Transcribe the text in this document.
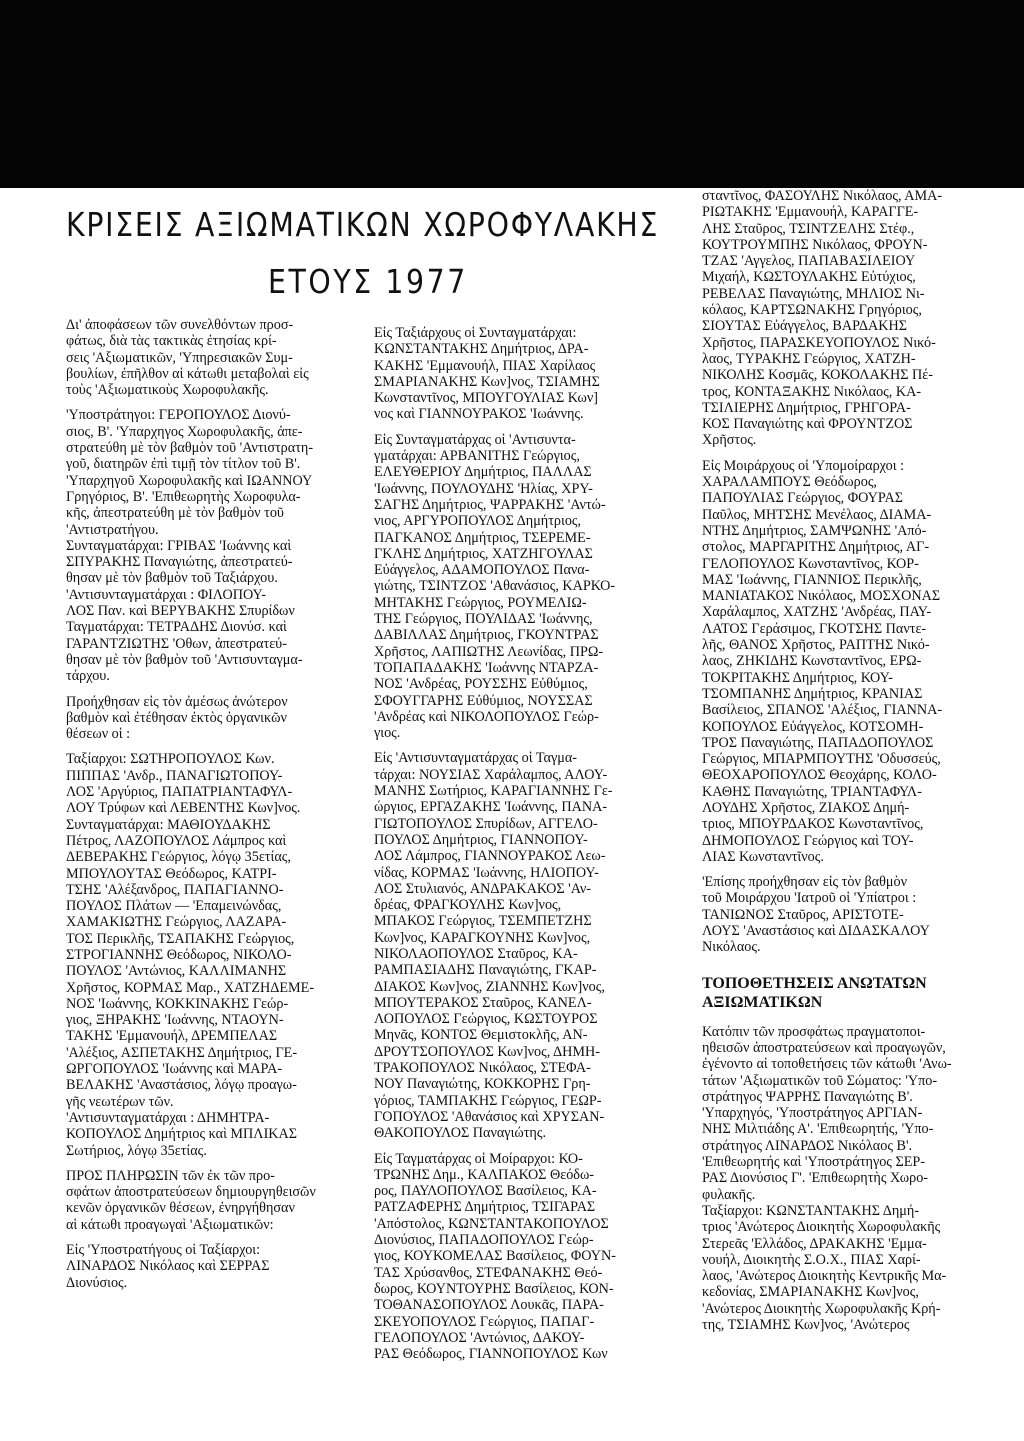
ΚΡΙΣΕΙΣ ΑΞΙΩΜΑΤΙΚΩΝ ΧΩΡΟΦΥΛΑΚΗΣ
ΕΤΟΥΣ 1977

Δι' ἀποφάσεων τῶν συνελθόντων προσ-
φάτως, διὰ τὰς τακτικὰς ἐτησίας κρί-
σεις 'Αξιωματικῶν, 'Υπηρεσιακῶν Συμ-
βουλίων, ἐπῆλθον αἱ κάτωθι μεταβολαὶ εἰς
τοὺς 'Αξιωματικοὺς Χωροφυλακῆς.

'Υποστράτηγοι: ΓΕΡΟΠΟΥΛΟΣ Διονύ-
σιος, Β'. 'Υπαρχηγος Χωροφυλακῆς, ἀπε-
στρατεύθη μὲ τὸν βαθμὸν τοῦ 'Αντιστρατη-
γοῦ, διατηρῶν ἐπὶ τιμῇ τὸν τίτλον τοῦ Β'.
'Υπαρχηγοῦ Χωροφυλακῆς καὶ ΙΩΑΝΝΟΥ
Γρηγόριος, Β'. 'Επιθεωρητὴς Χωροφυλα-
κῆς, ἀπεστρατεύθη μὲ τὸν βαθμὸν τοῦ
'Αντιστρατήγου.
Συνταγματάρχαι: ΓΡΙΒΑΣ 'Ιωάννης καὶ
ΣΠΥΡΑΚΗΣ Παναγιώτης, ἀπεστρατεύ-
θησαν μὲ τὸν βαθμὸν τοῦ Ταξιάρχου.
'Αντισυνταγματάρχαι : ΦΙΛΟΠΟΥ-
ΛΟΣ Παν. καὶ ΒΕΡΥΒΑΚΗΣ Σπυρίδων
Ταγματάρχαι: ΤΕΤΡΑΔΗΣ Διονύσ. καὶ
ΓΑΡΑΝΤΖΙΩΤΗΣ 'Οθων, ἀπεστρατεύ-
θησαν μὲ τὸν βαθμὸν τοῦ 'Αντισυνταγμα-
τάρχου.

Προήχθησαν εἰς τὸν ἀμέσως ἀνώτερον
βαθμὸν καὶ ἐτέθησαν ἐκτὸς ὀργανικῶν
θέσεων οἱ :

Ταξίαρχοι: ΣΩΤΗΡΟΠΟΥΛΟΣ Κων.
ΠΙΠΠΑΣ 'Ανδρ., ΠΑΝΑΓΙΩΤΟΠΟΥ-
ΛΟΣ 'Αργύριος, ΠΑΠΑΤΡΙΑΝΤΑΦΥΛ-
ΛΟΥ Τρύφων καὶ ΛΕΒΕΝΤΗΣ Κων]νος.
Συνταγματάρχαι: ΜΑΘΙΟΥΔΑΚΗΣ
Πέτρος, ΛΑΖΟΠΟΥΛΟΣ Λάμπρος καὶ
ΔΕΒΕΡΑΚΗΣ Γεώργιος, λόγῳ 35ετίας,
ΜΠΟΥΛΟΥΤΑΣ Θεόδωρος, ΚΑΤΡΙ-
ΤΣΗΣ 'Αλέξανδρος, ΠΑΠΑΓΙΑΝΝΟ-
ΠΟΥΛΟΣ Πλάτων — 'Επαμεινώνδας,
ΧΑΜΑΚΙΩΤΗΣ Γεώργιος, ΛΑΖΑΡΑ-
ΤΟΣ Περικλῆς, ΤΣΑΠΑΚΗΣ Γεώργιος,
ΣΤΡΟΓΙΑΝΝΗΣ Θεόδωρος, ΝΙΚΟΛΟ-
ΠΟΥΛΟΣ 'Αντώνιος, ΚΑΛΛΙΜΑΝΗΣ
Χρῆστος, ΚΟΡΜΑΣ Μαρ., ΧΑΤΖΗΔΕΜΕ-
ΝΟΣ 'Ιωάννης, ΚΟΚΚΙΝΑΚΗΣ Γεώρ-
γιος, ΞΗΡΑΚΗΣ 'Ιωάννης, ΝΤΑΟΥΝ-
ΤΑΚΗΣ 'Εμμανουήλ, ΔΡΕΜΠΕΛΑΣ
'Αλέξιος, ΑΣΠΕΤΑΚΗΣ Δημήτριος, ΓΕ-
ΩΡΓΟΠΟΥΛΟΣ 'Ιωάννης καὶ ΜΑΡΑ-
ΒΕΛΑΚΗΣ 'Αναστάσιος, λόγῳ προαγω-
γῆς νεωτέρων τῶν.
'Αντισυνταγματάρχαι : ΔΗΜΗΤΡΑ-
ΚΟΠΟΥΛΟΣ Δημήτριος καὶ ΜΠΛΙΚΑΣ
Σωτήριος, λόγῳ 35ετίας.

ΠΡΟΣ ΠΛΗΡΩΣΙΝ τῶν ἐκ τῶν προ-
σφάτων ἀποστρατεύσεων δημιουργηθεισῶν
κενῶν ὀργανικῶν θέσεων, ἐνηργήθησαν
αἱ κάτωθι προαγωγαὶ 'Αξιωματικῶν:

Εἰς 'Υποστρατήγους οἱ Ταξίαρχοι:
ΛΙΝΑΡΔΟΣ Νικόλαος καὶ ΣΕΡΡΑΣ
Διονύσιος.

Εἰς Ταξιάρχους οἱ Συνταγματάρχαι:
ΚΩΝΣΤΑΝΤΑΚΗΣ Δημήτριος, ΔΡΑ-
ΚΑΚΗΣ 'Εμμανουήλ, ΠΙΑΣ Χαρίλαος
ΣΜΑΡΙΑΝΑΚΗΣ Κων]νος, ΤΣΙΑΜΗΣ
Κωνσταντῖνος, ΜΠΟΥΓΟΥΛΙΑΣ Κων]
νος καὶ ΓΙΑΝΝΟΥΡΑΚΟΣ 'Ιωάννης.

Εἰς Συνταγματάρχας οἱ 'Αντισυντα-
γματάρχαι: ΑΡΒΑΝΙΤΗΣ Γεώργιος,
ΕΛΕΥΘΕΡΙΟΥ Δημήτριος, ΠΑΛΛΑΣ
'Ιωάννης, ΠΟΥΛΟΥΔΗΣ 'Ηλίας, ΧΡΥ-
ΣΑΓΗΣ Δημήτριος, ΨΑΡΡΑΚΗΣ 'Αντώ-
νιος, ΑΡΓΥΡΟΠΟΥΛΟΣ Δημήτριος,
ΠΑΓΚΑΝΟΣ Δημήτριος, ΤΣΕΡΕΜΕ-
ΓΚΛΗΣ Δημήτριος, ΧΑΤΖΗΓΟΥΛΑΣ
Εὐάγγελος, ΑΔΑΜΟΠΟΥΛΟΣ Πανα-
γιώτης, ΤΣΙΝΤΖΟΣ 'Αθανάσιος, ΚΑΡΚΟ-
ΜΗΤΑΚΗΣ Γεώργιος, ΡΟΥΜΕΛΙΩ-
ΤΗΣ Γεώργιος, ΠΟΥΛΙΔΑΣ 'Ιωάννης,
ΔΑΒΙΛΛΑΣ Δημήτριος, ΓΚΟΥΝΤΡΑΣ
Χρῆστος, ΛΑΠΙΩΤΗΣ Λεωνίδας, ΠΡΩ-
ΤΟΠΑΠΑΔΑΚΗΣ 'Ιωάννης ΝΤΑΡΖΑ-
ΝΟΣ 'Ανδρέας, ΡΟΥΣΣΗΣ Εὐθύμιος,
ΣΦΟΥΓΓΑΡΗΣ Εὐθύμιος, ΝΟΥΣΣΑΣ
'Ανδρέας καὶ ΝΙΚΟΛΟΠΟΥΛΟΣ Γεώρ-
γιος.

Εἰς 'Αντισυνταγματάρχας οἱ Ταγμα-
τάρχαι: ΝΟΥΣΙΑΣ Χαράλαμπος, ΑΛΟΥ-
ΜΑΝΗΣ Σωτήριος, ΚΑΡΑΓΙΑΝΝΗΣ Γε-
ώργιος, ΕΡΓΑΖΑΚΗΣ 'Ιωάννης, ΠΑΝΑ-
ΓΙΩΤΟΠΟΥΛΟΣ Σπυρίδων, ΑΓΓΕΛΟ-
ΠΟΥΛΟΣ Δημήτριος, ΓΙΑΝΝΟΠΟΥ-
ΛΟΣ Λάμπρος, ΓΙΑΝΝΟΥΡΑΚΟΣ Λεω-
νίδας, ΚΟΡΜΑΣ 'Ιωάννης, ΗΛΙΟΠΟΥ-
ΛΟΣ Στυλιανός, ΑΝΔΡΑΚΑΚΟΣ 'Αν-
δρέας, ΦΡΑΓΚΟΥΛΗΣ Κων]νος,
ΜΠΑΚΟΣ Γεώργιος, ΤΣΕΜΠΕΤΖΗΣ
Κων]νος, ΚΑΡΑΓΚΟΥΝΗΣ Κων]νος,
ΝΙΚΟΛΑΟΠΟΥΛΟΣ Σταῦρος, ΚΑ-
ΡΑΜΠΑΣΙΑΔΗΣ Παναγιώτης, ΓΚΑΡ-
ΔΙΑΚΟΣ Κων]νος, ΖΙΑΝΝΗΣ Κων]νος,
ΜΠΟΥΤΕΡΑΚΟΣ Σταῦρος, ΚΑΝΕΛ-
ΛΟΠΟΥΛΟΣ Γεώργιος, ΚΩΣΤΟΥΡΟΣ
Μηνᾶς, ΚΟΝΤΟΣ Θεμιστοκλῆς, ΑΝ-
ΔΡΟΥΤΣΟΠΟΥΛΟΣ Κων]νος, ΔΗΜΗ-
ΤΡΑΚΟΠΟΥΛΟΣ Νικόλαος, ΣΤΕΦΑ-
ΝΟΥ Παναγιώτης, ΚΟΚΚΟΡΗΣ Γρη-
γόριος, ΤΑΜΠΑΚΗΣ Γεώργιος, ΓΕΩΡ-
ΓΟΠΟΥΛΟΣ 'Αθανάσιος καὶ ΧΡΥΣΑΝ-
ΘΑΚΟΠΟΥΛΟΣ Παναγιώτης.

Εἰς Ταγματάρχας οἱ Μοίραρχοι: ΚΟ-
ΤΡΩΝΗΣ Δημ., ΚΑΛΠΑΚΟΣ Θεόδω-
ρος, ΠΑΥΛΟΠΟΥΛΟΣ Βασίλειος, ΚΑ-
ΡΑΤΖΑΦΕΡΗΣ Δημήτριος, ΤΣΙΓΑΡΑΣ
'Απόστολος, ΚΩΝΣΤΑΝΤΑΚΟΠΟΥΛΟΣ
Διονύσιος, ΠΑΠΑΔΟΠΟΥΛΟΣ Γεώρ-
γιος, ΚΟΥΚΟΜΕΛΑΣ Βασίλειος, ΦΟΥΝ-
ΤΑΣ Χρύσανθος, ΣΤΕΦΑΝΑΚΗΣ Θεό-
δωρος, ΚΟΥΝΤΟΥΡΗΣ Βασίλειος, ΚΟΝ-
ΤΟΘΑΝΑΣΟΠΟΥΛΟΣ Λουκᾶς, ΠΑΡΑ-
ΣΚΕΥΟΠΟΥΛΟΣ Γεώργιος, ΠΑΠΑΓ-
ΓΕΛΟΠΟΥΛΟΣ 'Αντώνιος, ΔΑΚΟΥ-
ΡΑΣ Θεόδωρος, ΓΙΑΝΝΟΠΟΥΛΟΣ Κων

σταντῖνος, ΦΑΣΟΥΛΗΣ Νικόλαος, ΑΜΑ-
ΡΙΩΤΑΚΗΣ 'Εμμανουήλ, ΚΑΡΑΓΓΕ-
ΛΗΣ Σταῦρος, ΤΣΙΝΤΖΕΛΗΣ Στέφ.,
ΚΟΥΤΡΟΥΜΠΗΣ Νικόλαος, ΦΡΟΥΝ-
ΤΖΑΣ 'Αγγελος, ΠΑΠΑΒΑΣΙΛΕΙΟΥ
Μιχαήλ, ΚΩΣΤΟΥΛΑΚΗΣ Εὐτύχιος,
ΡΕΒΕΛΑΣ Παναγιώτης, ΜΗΛΙΟΣ Νι-
κόλαος, ΚΑΡΤΣΩΝΑΚΗΣ Γρηγόριος,
ΣΙΟΥΤΑΣ Εὐάγγελος, ΒΑΡΔΑΚΗΣ
Χρῆστος, ΠΑΡΑΣΚΕΥΟΠΟΥΛΟΣ Νικό-
λαος, ΤΥΡΑΚΗΣ Γεώργιος, ΧΑΤΖΗ-
ΝΙΚΟΛΗΣ Κοσμᾶς, ΚΟΚΟΛΑΚΗΣ Πέ-
τρος, ΚΟΝΤΑΞΑΚΗΣ Νικόλαος, ΚΑ-
ΤΣΙΛΙΕΡΗΣ Δημήτριος, ΓΡΗΓΟΡΑ-
ΚΟΣ Παναγιώτης καὶ ΦΡΟΥΝΤΖΟΣ
Χρῆστος.

Εἰς Μοιράρχους οἱ 'Υπομοίραρχοι :
ΧΑΡΑΛΑΜΠΟΥΣ Θεόδωρος,
ΠΑΠΟΥΛΙΑΣ Γεώργιος, ΦΟΥΡΑΣ
Παῦλος, ΜΗΤΣΗΣ Μενέλαος, ΔΙΑΜΑ-
ΝΤΗΣ Δημήτριος, ΣΑΜΨΩΝΗΣ 'Από-
στολος, ΜΑΡΓΑΡΙΤΗΣ Δημήτριος, ΑΓ-
ΓΕΛΟΠΟΥΛΟΣ Κωνσταντῖνος, ΚΟΡ-
ΜΑΣ 'Ιωάννης, ΓΙΑΝΝΙΟΣ Περικλῆς,
ΜΑΝΙΑΤΑΚΟΣ Νικόλαος, ΜΟΣΧΟΝΑΣ
Χαράλαμπος, ΧΑΤΖΗΣ 'Ανδρέας, ΠΑΥ-
ΛΑΤΟΣ Γεράσιμος, ΓΚΟΤΣΗΣ Παντε-
λῆς, ΘΑΝΟΣ Χρῆστος, ΡΑΠΤΗΣ Νικό-
λαος, ΖΗΚΙΔΗΣ Κωνσταντῖνος, ΕΡΩ-
ΤΟΚΡΙΤΑΚΗΣ Δημήτριος, ΚΟΥ-
ΤΣΟΜΠΑΝΗΣ Δημήτριος, ΚΡΑΝΙΑΣ
Βασίλειος, ΣΠΑΝΟΣ 'Αλέξιος, ΓΙΑΝΝΑ-
ΚΟΠΟΥΛΟΣ Εὐάγγελος, ΚΟΤΣΟΜΗ-
ΤΡΟΣ Παναγιώτης, ΠΑΠΑΔΟΠΟΥΛΟΣ
Γεώργιος, ΜΠΑΡΜΠΟΥΤΗΣ 'Οδυσσεύς,
ΘΕΟΧΑΡΟΠΟΥΛΟΣ Θεοχάρης, ΚΟΛΟ-
ΚΑΘΗΣ Παναγιώτης, ΤΡΙΑΝΤΑΦΥΛ-
ΛΟΥΔΗΣ Χρῆστος, ΖΙΑΚΟΣ Δημή-
τριος, ΜΠΟΥΡΔΑΚΟΣ Κωνσταντῖνος,
ΔΗΜΟΠΟΥΛΟΣ Γεώργιος καὶ ΤΟΥ-
ΛΙΑΣ Κωνσταντῖνος.

'Επίσης προήχθησαν εἰς τὸν βαθμὸν
τοῦ Μοιράρχου 'Ιατροῦ οἱ 'Υπίατροι :
ΤΑΝΙΩΝΟΣ Σταῦρος, ΑΡΙΣΤΟΤΕ-
ΛΟΥΣ 'Αναστάσιος καὶ ΔΙΔΑΣΚΑΛΟΥ
Νικόλαος.

ΤΟΠΟΘΕΤΗΣΕΙΣ ΑΝΩΤΑΤΩΝ
ΑΞΙΩΜΑΤΙΚΩΝ

Κατόπιν τῶν προσφάτως πραγματοποι-
ηθεισῶν ἀποστρατεύσεων καὶ προαγωγῶν,
ἐγένοντο αἱ τοποθετήσεις τῶν κάτωθι 'Ανω-
τάτων 'Αξιωματικῶν τοῦ Σώματος: 'Υπο-
στράτηγος ΨΑΡΡΗΣ Παναγιώτης Β'.
'Υπαρχηγός, 'Υποστράτηγος ΑΡΓΙΑΝ-
ΝΗΣ Μιλτιάδης Α'. 'Επιθεωρητής, 'Υπο-
στράτηγος ΛΙΝΑΡΔΟΣ Νικόλαος Β'.
'Επιθεωρητής καὶ 'Υποστράτηγος ΣΕΡ-
ΡΑΣ Διονύσιος Γ'. 'Επιθεωρητὴς Χωρο-
φυλακῆς.
Ταξίαρχοι: ΚΩΝΣΤΑΝΤΑΚΗΣ Δημή-
τριος 'Ανώτερος Διοικητὴς Χωροφυλακῆς
Στερεᾶς 'Ελλάδος, ΔΡΑΚΑΚΗΣ 'Εμμα-
νουήλ, Διοικητὴς Σ.Ο.Χ., ΠΙΑΣ Χαρί-
λαος, 'Ανώτερος Διοικητὴς Κεντρικῆς Μα-
κεδονίας, ΣΜΑΡΙΑΝΑΚΗΣ Κων]νος,
'Ανώτερος Διοικητὴς Χωροφυλακῆς Κρή-
της, ΤΣΙΑΜΗΣ Κων]νος, 'Ανώτερος
